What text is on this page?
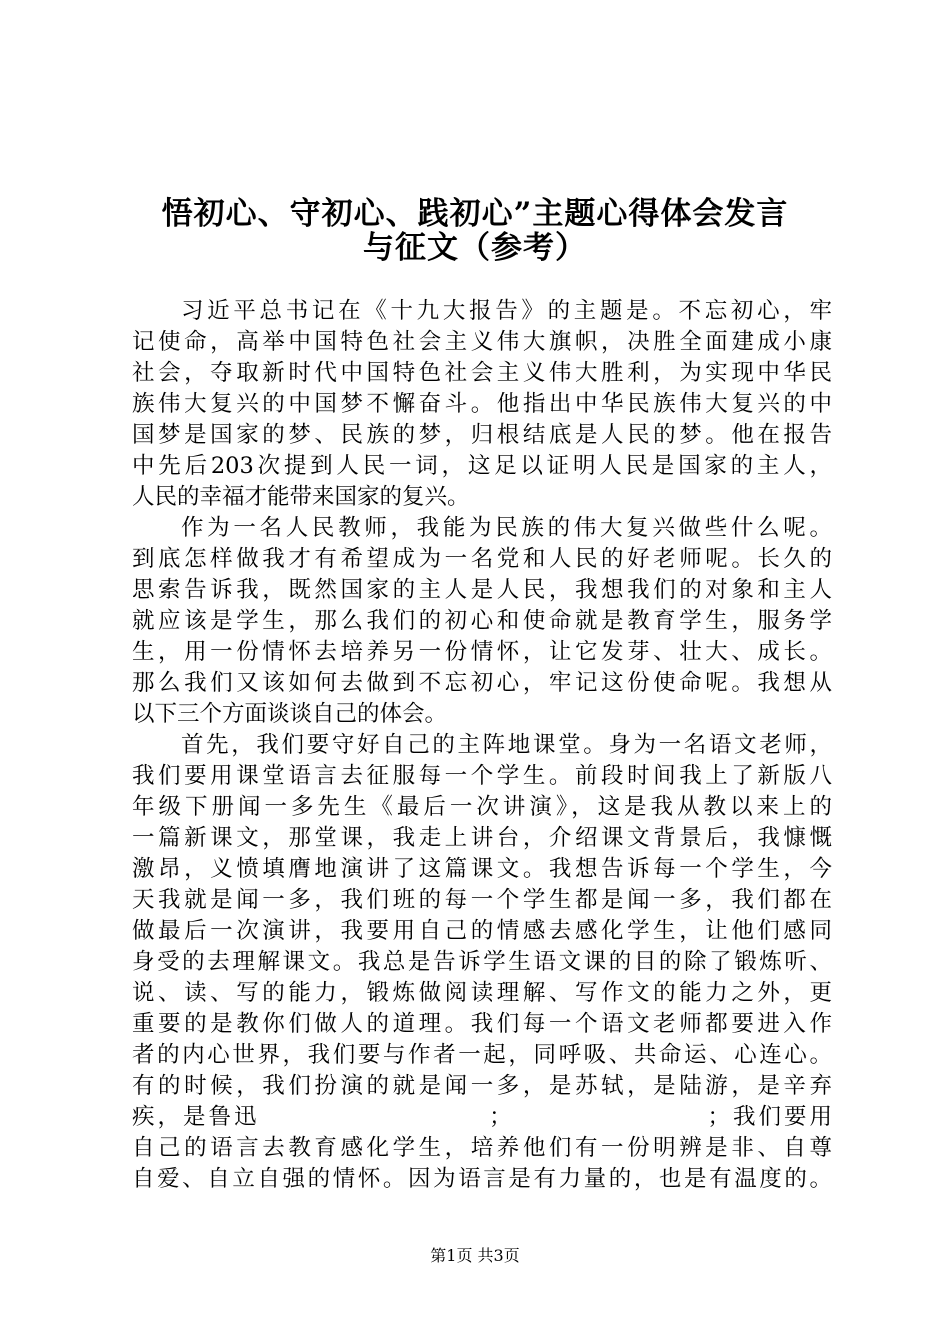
悟初心、守初心、践初心”主题心得体会发言
与征文（参考）
习近平总书记在《十九大报告》的主题是。不忘初心，牢
记使命，高举中国特色社会主义伟大旗帜，决胜全面建成小康
社会，夺取新时代中国特色社会主义伟大胜利，为实现中华民
族伟大复兴的中国梦不懈奋斗。他指出中华民族伟大复兴的中
国梦是国家的梦、民族的梦，归根结底是人民的梦。他在报告
中先后203次提到人民一词，这足以证明人民是国家的主人，
人民的幸福才能带来国家的复兴。
作为一名人民教师，我能为民族的伟大复兴做些什么呢。
到底怎样做我才有希望成为一名党和人民的好老师呢。长久的
思索告诉我，既然国家的主人是人民，我想我们的对象和主人
就应该是学生，那么我们的初心和使命就是教育学生，服务学
生，用一份情怀去培养另一份情怀，让它发芽、壮大、成长。
那么我们又该如何去做到不忘初心，牢记这份使命呢。我想从
以下三个方面谈谈自己的体会。
首先，我们要守好自己的主阵地课堂。身为一名语文老师，
我们要用课堂语言去征服每一个学生。前段时间我上了新版八
年级下册闻一多先生《最后一次讲演》，这是我从教以来上的
一篇新课文，那堂课，我走上讲台，介绍课文背景后，我慷慨
激昂，义愤填膺地演讲了这篇课文。我想告诉每一个学生，今
天我就是闻一多，我们班的每一个学生都是闻一多，我们都在
做最后一次演讲，我要用自己的情感去感化学生，让他们感同
身受的去理解课文。我总是告诉学生语文课的目的除了锻炼听、
说、读、写的能力，锻炼做阅读理解、写作文的能力之外，更
重要的是教你们做人的道理。我们每一个语文老师都要进入作
者的内心世界，我们要与作者一起，同呼吸、共命运、心连心。
有的时候，我们扮演的就是闻一多，是苏轼，是陆游，是辛弃
疾，是鲁迅　　　　　　　　　；　　　　　　　　；我们要用
自己的语言去教育感化学生，培养他们有一份明辨是非、自尊
自爱、自立自强的情怀。因为语言是有力量的，也是有温度的。
第1页 共3页
